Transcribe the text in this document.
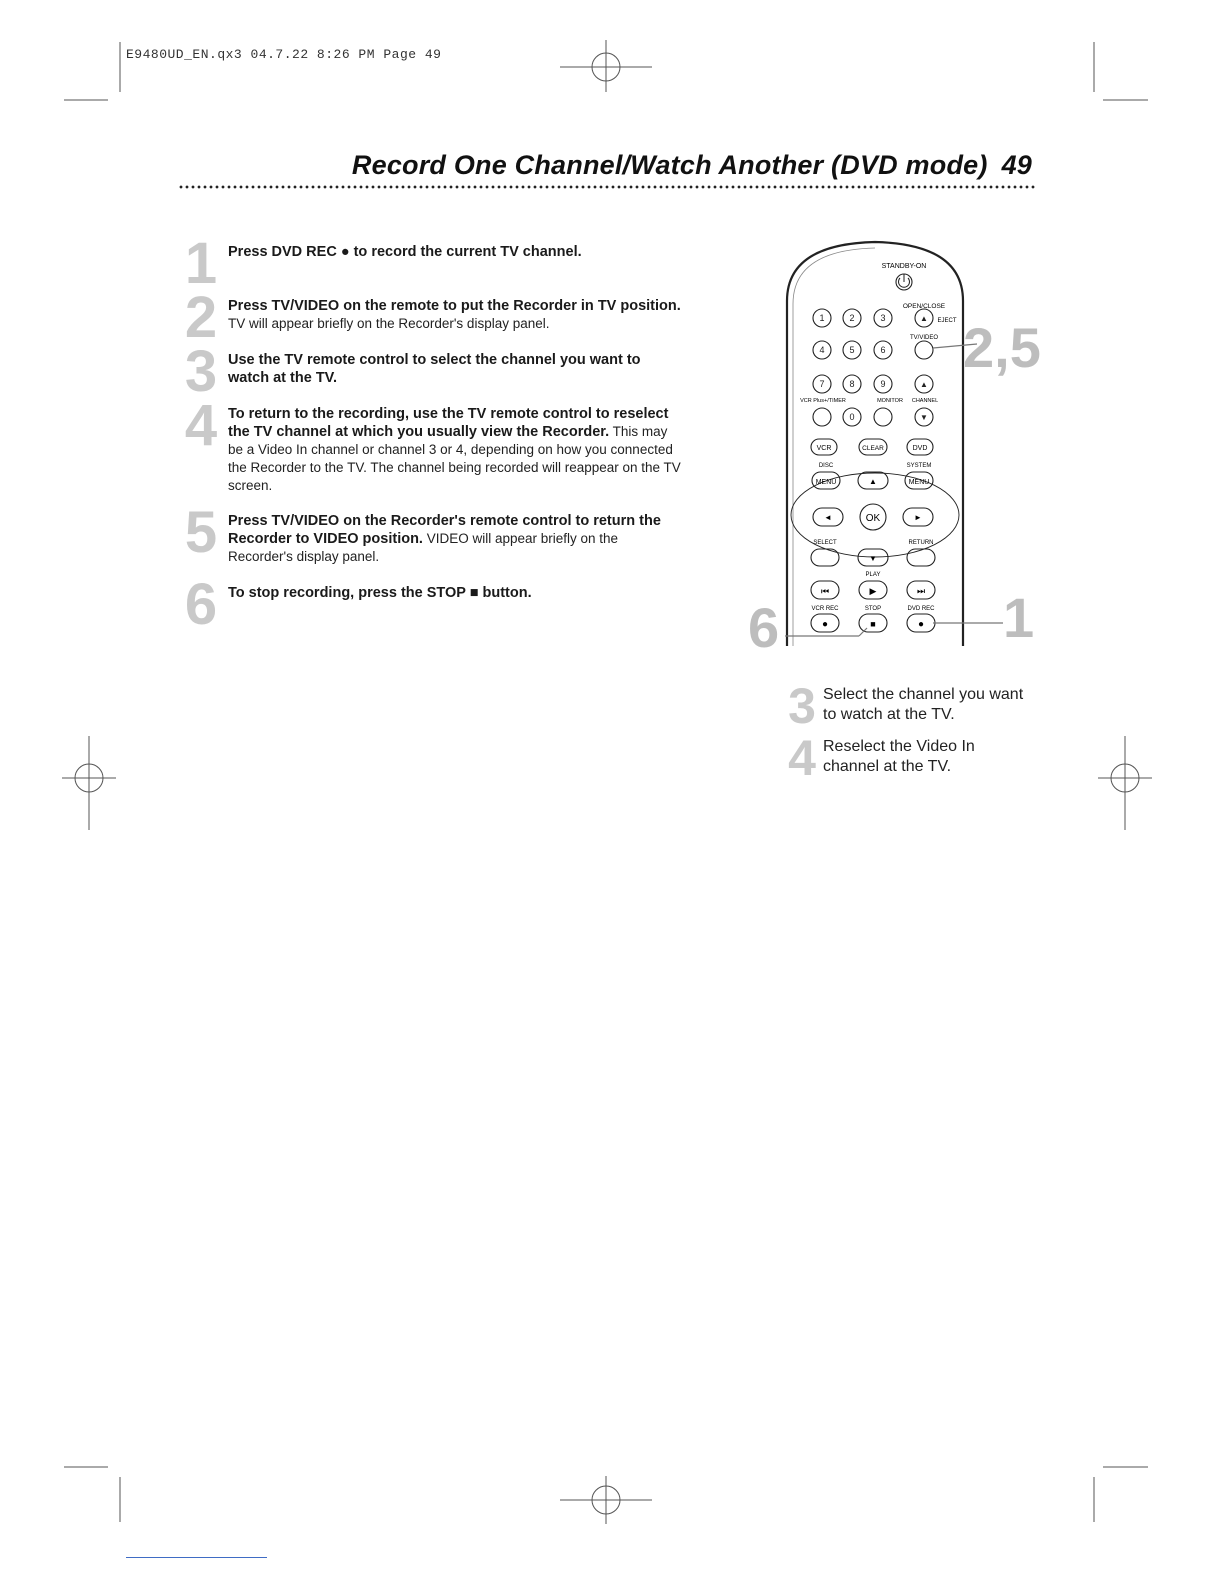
E9480UD_EN.qx3 04.7.22 8:26 PM Page 49
Record One Channel/Watch Another (DVD mode) 49
1 Press DVD REC ● to record the current TV channel.
2 Press TV/VIDEO on the remote to put the Recorder in TV position. TV will appear briefly on the Recorder's display panel.
3 Use the TV remote control to select the channel you want to watch at the TV.
4 To return to the recording, use the TV remote control to reselect the TV channel at which you usually view the Recorder. This may be a Video In channel or channel 3 or 4, depending on how you connected the Recorder to the TV. The channel being recorded will reappear on the TV screen.
5 Press TV/VIDEO on the Recorder's remote control to return the Recorder to VIDEO position. VIDEO will appear briefly on the Recorder's display panel.
6 To stop recording, press the STOP ■ button.
STANDBY-ON
OPEN/CLOSE
EJECT
1	2	3	▲
4	5	6
7	8	9	▲
0	▼
TV/VIDEO
VCR Plus+/TIMER	MONITOR CHANNEL
VCR	CLEAR	DVD
DISC	SYSTEM
MENU	MENU
▲
◄	►
OK
SELECT	RETURN
▼
PLAY
⏮	▶	⏭
VCR REC	STOP	DVD REC
●	■	●
2,5
6	1
3 Select the channel you want to watch at the TV.
4 Reselect the Video In channel at the TV.
